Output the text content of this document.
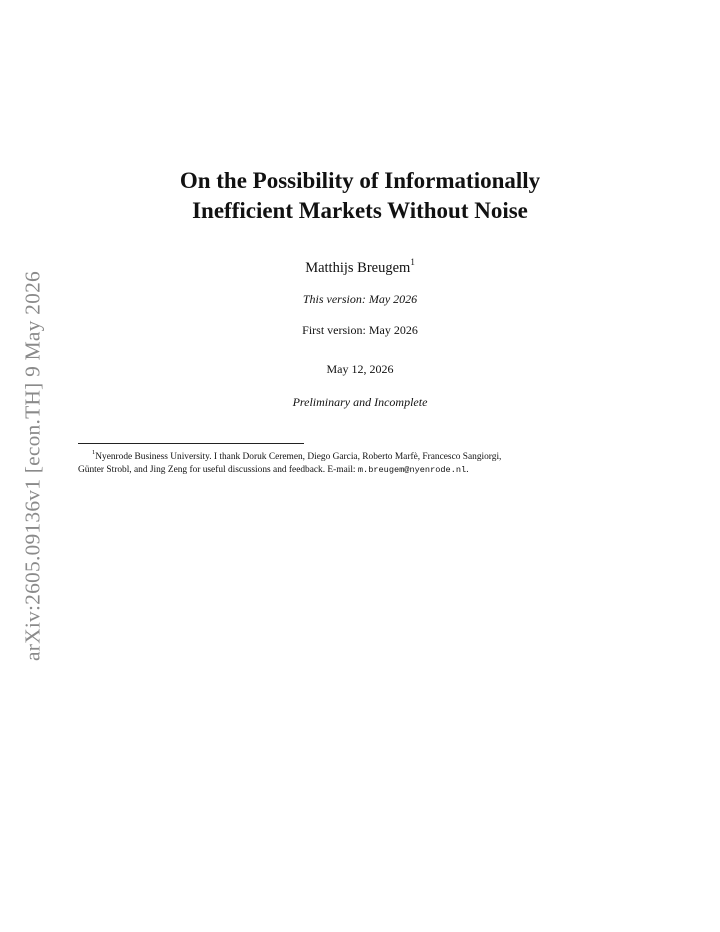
arXiv:2605.09136v1 [econ.TH] 9 May 2026
On the Possibility of Informationally
Inefficient Markets Without Noise
Matthijs Breugem$^1$
This version: May 2026
First version: May 2026
May 12, 2026
Preliminary and Incomplete
$^1$Nyenrode Business University. I thank Doruk Ceremen, Diego Garcia, Roberto Marfè, Francesco Sangiorgi,
Günter Strobl, and Jing Zeng for useful discussions and feedback. E-mail: m.breugem@nyenrode.nl.
